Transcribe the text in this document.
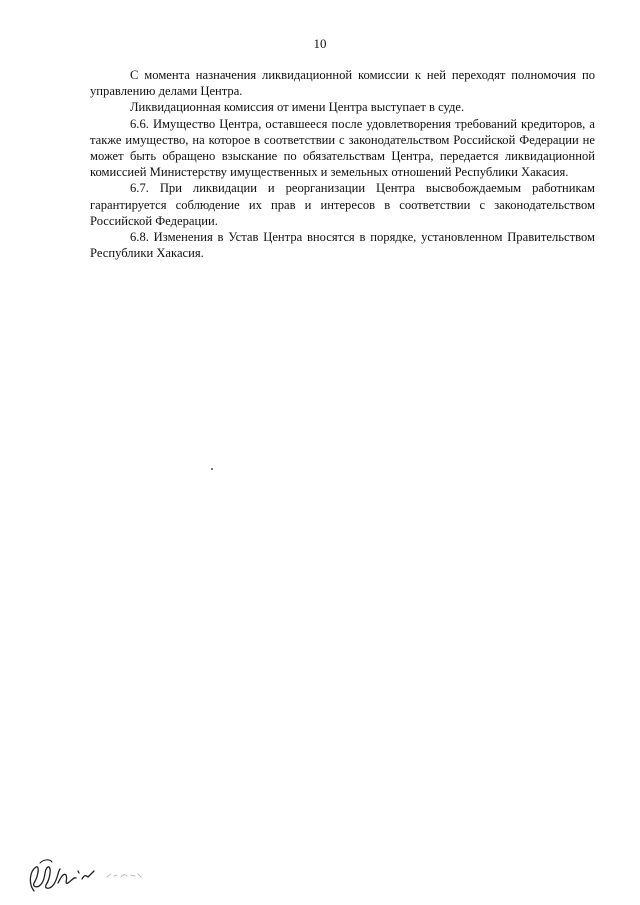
10

С момента назначения ликвидационной комиссии к ней переходят полномочия по управлению делами Центра.

Ликвидационная комиссия от имени Центра выступает в суде.

6.6. Имущество Центра, оставшееся после удовлетворения требований кредиторов, а также имущество, на которое в соответствии с законодательством Российской Федерации не может быть обращено взыскание по обязательствам Центра, передается ликвидационной комиссией Министерству имущественных и земельных отношений Республики Хакасия.

6.7. При ликвидации и реорганизации Центра высвобождаемым работникам гарантируется соблюдение их прав и интересов в соответствии с законодательством Российской Федерации.

6.8. Изменения в Устав Центра вносятся в порядке, установленном Правительством Республики Хакасия.
